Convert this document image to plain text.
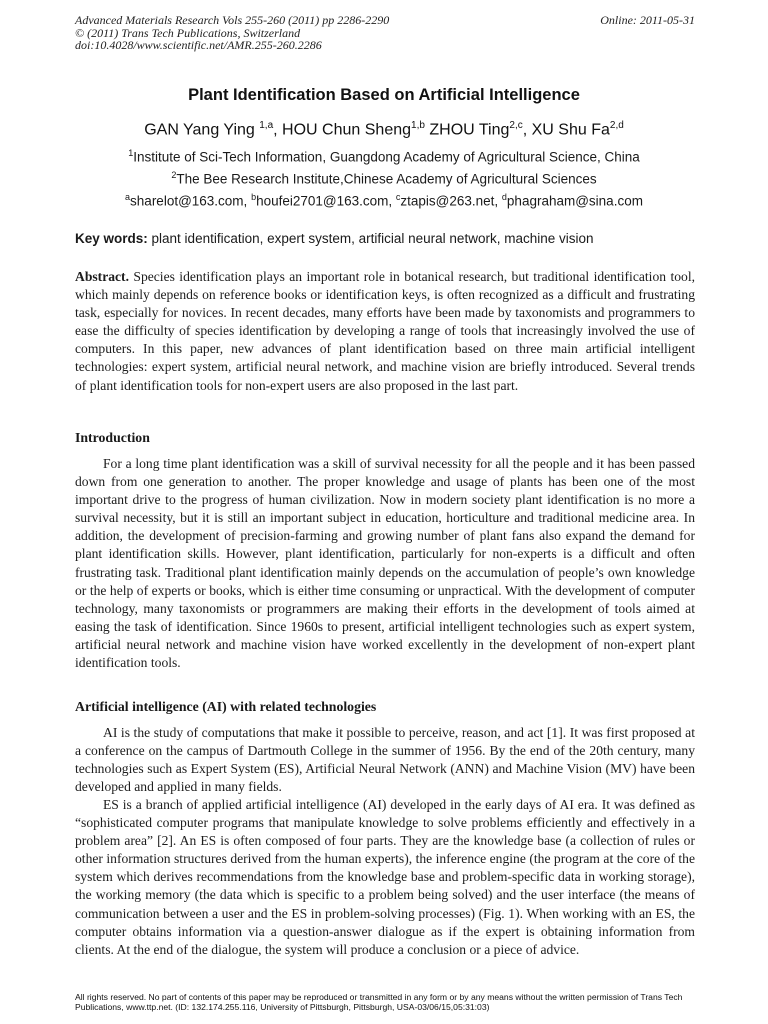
Advanced Materials Research Vols 255-260 (2011) pp 2286-2290
© (2011) Trans Tech Publications, Switzerland
doi:10.4028/www.scientific.net/AMR.255-260.2286
Online: 2011-05-31
Plant Identification Based on Artificial Intelligence
GAN Yang Ying $^{1,a}$, HOU Chun Sheng$^{1,b}$ ZHOU Ting$^{2,c}$, XU Shu Fa$^{2,d}$
$^1$Institute of Sci-Tech Information, Guangdong Academy of Agricultural Science, China
$^2$The Bee Research Institute,Chinese Academy of Agricultural Sciences
$^a$sharelot@163.com, $^b$houfei2701@163.com, $^c$ztapis@263.net, $^d$phagraham@sina.com
Key words: plant identification, expert system, artificial neural network, machine vision
Abstract. Species identification plays an important role in botanical research, but traditional identification tool, which mainly depends on reference books or identification keys, is often recognized as a difficult and frustrating task, especially for novices. In recent decades, many efforts have been made by taxonomists and programmers to ease the difficulty of species identification by developing a range of tools that increasingly involved the use of computers. In this paper, new advances of plant identification based on three main artificial intelligent technologies: expert system, artificial neural network, and machine vision are briefly introduced. Several trends of plant identification tools for non-expert users are also proposed in the last part.
Introduction
For a long time plant identification was a skill of survival necessity for all the people and it has been passed down from one generation to another. The proper knowledge and usage of plants has been one of the most important drive to the progress of human civilization. Now in modern society plant identification is no more a survival necessity, but it is still an important subject in education, horticulture and traditional medicine area. In addition, the development of precision-farming and growing number of plant fans also expand the demand for plant identification skills. However, plant identification, particularly for non-experts is a difficult and often frustrating task. Traditional plant identification mainly depends on the accumulation of people’s own knowledge or the help of experts or books, which is either time consuming or unpractical. With the development of computer technology, many taxonomists or programmers are making their efforts in the development of tools aimed at easing the task of identification. Since 1960s to present, artificial intelligent technologies such as expert system, artificial neural network and machine vision have worked excellently in the development of non-expert plant identification tools.
Artificial intelligence (AI) with related technologies
AI is the study of computations that make it possible to perceive, reason, and act [1]. It was first proposed at a conference on the campus of Dartmouth College in the summer of 1956. By the end of the 20th century, many technologies such as Expert System (ES), Artificial Neural Network (ANN) and Machine Vision (MV) have been developed and applied in many fields.
ES is a branch of applied artificial intelligence (AI) developed in the early days of AI era. It was defined as “sophisticated computer programs that manipulate knowledge to solve problems efficiently and effectively in a problem area” [2]. An ES is often composed of four parts. They are the knowledge base (a collection of rules or other information structures derived from the human experts), the inference engine (the program at the core of the system which derives recommendations from the knowledge base and problem-specific data in working storage), the working memory (the data which is specific to a problem being solved) and the user interface (the means of communication between a user and the ES in problem-solving processes) (Fig. 1). When working with an ES, the computer obtains information via a question-answer dialogue as if the expert is obtaining information from clients. At the end of the dialogue, the system will produce a conclusion or a piece of advice.
All rights reserved. No part of contents of this paper may be reproduced or transmitted in any form or by any means without the written permission of Trans Tech Publications, www.ttp.net. (ID: 132.174.255.116, University of Pittsburgh, Pittsburgh, USA-03/06/15,05:31:03)
